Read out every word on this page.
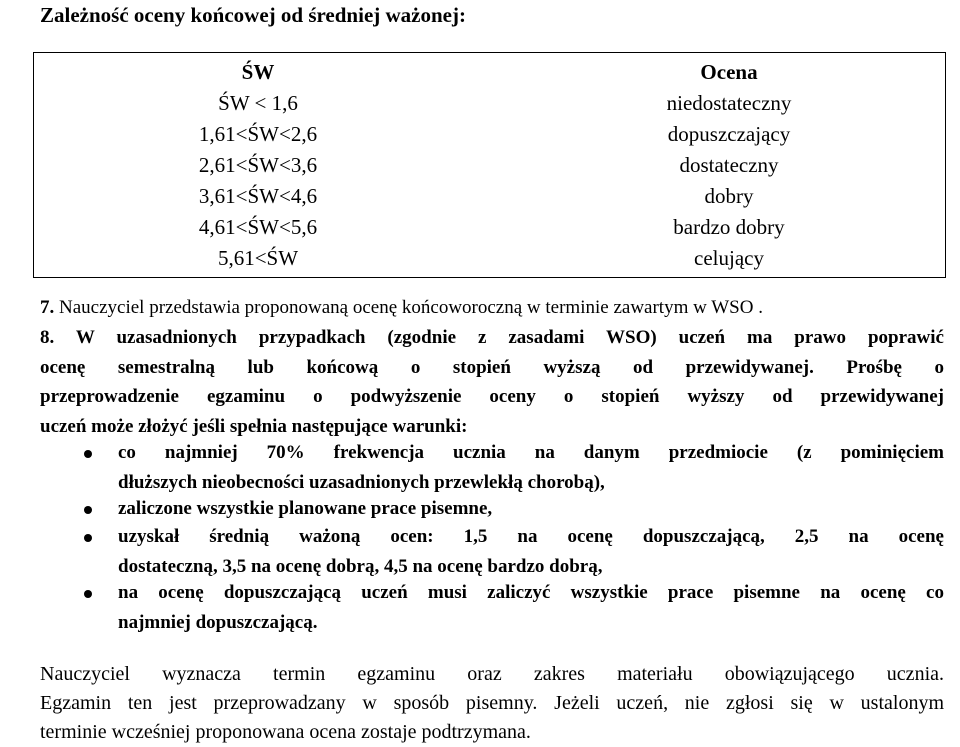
Zależność oceny końcowej od średniej ważonej:
ŚW
ŚW < 1,6
1,61<ŚW<2,6
2,61<ŚW<3,6
3,61<ŚW<4,6
4,61<ŚW<5,6
5,61<ŚW
Ocena
niedostateczny
dopuszczający
dostateczny
dobry
bardzo dobry
celujący
7. Nauczyciel przedstawia proponowaną ocenę końcoworoczną w terminie zawartym w WSO .
8. W uzasadnionych przypadkach (zgodnie z zasadami WSO) uczeń ma prawo poprawić
ocenę semestralną lub końcową o stopień wyższą od przewidywanej. Prośbę o
przeprowadzenie egzaminu o podwyższenie oceny o stopień wyższy od przewidywanej
uczeń może złożyć jeśli spełnia następujące warunki:
co najmniej 70% frekwencja ucznia na danym przedmiocie (z pominięciem
dłuższych nieobecności uzasadnionych przewlekłą chorobą),
zaliczone wszystkie planowane prace pisemne,
uzyskał średnią ważoną ocen: 1,5 na ocenę dopuszczającą, 2,5 na ocenę
dostateczną, 3,5 na ocenę dobrą, 4,5 na ocenę bardzo dobrą,
na ocenę dopuszczającą uczeń musi zaliczyć wszystkie prace pisemne na ocenę co
najmniej dopuszczającą.
Nauczyciel wyznacza termin egzaminu oraz zakres materiału obowiązującego ucznia.
Egzamin ten jest przeprowadzany w sposób pisemny. Jeżeli uczeń, nie zgłosi się w ustalonym
terminie wcześniej proponowana ocena zostaje podtrzymana.
